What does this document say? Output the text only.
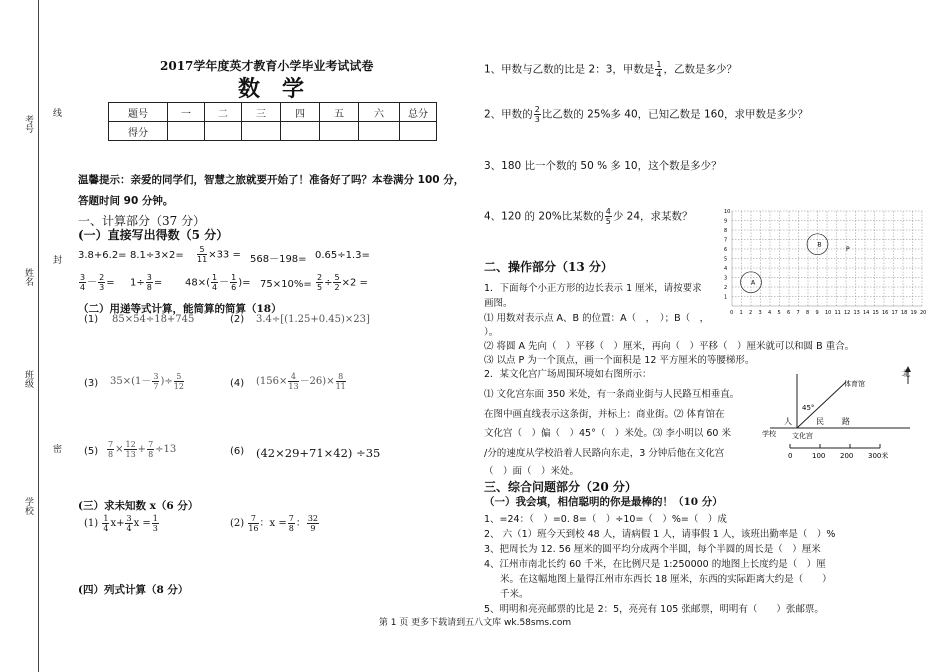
考号
线
姓名
封
班级
密
学校
2017学年度英才教育小学毕业考试试卷
数　学
题号	一	二	三	四	五	六	总分
得分							
温馨提示：亲爱的同学们，智慧之旅就要开始了！准备好了吗？本卷满分 100 分，
答题时间 90 分钟。
一、计算部分（37 分）
(一）直接写出得数（5 分）
$3.8+6.2= 8.1\div 3\times 2= \frac{5}{11} \times 33 = 568-198= 0.65\div 1.3=$
$\frac{3}{4} - \frac{2}{3} = 1\div \frac{3}{8} = 48\times( \frac{1}{4} - \frac{1}{6}$ )= $75\times 10\%= \frac{2}{5} \div \frac{5}{2} \times 2$ =
（二）用递等式计算，能简算的简算（18）
(1) 85×54÷18+745	(2) 3.4÷[(1.25+0.45)×23]
(3) $35\times(1- \frac{3}{7}$ )÷ $\frac{5}{12}$	(4) $(156\times \frac{4}{13} -26)\times \frac{8}{11}$
$(5) \frac{7}{8} \times \frac{12}{13} + \frac{7}{8} \div 13$	(6) (42×29+71×42) ÷35
(三）求未知数 x（6 分）
$(1) \frac{1}{4} x+ \frac{3}{4}$ $x = \frac{1}{3}$	$(2) \frac{7}{16}$ ：$x = \frac{7}{8}$ ： $\frac{32}{9}$
(四）列式计算（8 分）
1、甲数与乙数的比是 2：3，甲数是 $\frac{1}{4}$ ，乙数是多少？
2、甲数的 $\frac{2}{3}$ 比乙数的 25%多 40，已知乙数是 160，求甲数是多少？
3、180 比一个数的 50 % 多 10，这个数是多少？
4、120 的 20%比某数的 $\frac{4}{5}$ 少 24，求某数？
0 1 2 3 4 5 6 7 8 9 10 11 12 13 14 15 16 17 18 19 20
1
2
3
4
5
6
7
8
9
10
A
B
P
二、操作部分（13 分）
1．下面每个小正方形的边长表示 1 厘米，请按要求
画图。
⑴ 用数对表示点 A、B 的位置：A（　，　）；B（　，
）。
⑵ 将圆 A 先向（　）平移（　）厘米，再向（　）平移（　）厘米就可以和圆 B 重合。
⑶ 以点 P 为一个顶点，画一个面积是 12 平方厘米的等腰梯形。
2．某文化宫广场周围环境如右图所示：
⑴ 文化宫东面 350 米处，有一条商业街与人民路互相垂直。
在图中画直线表示这条街，并标上：商业街。⑵ 体育馆在
文化宫（　）偏（　）45°（　）米处。⑶ 李小明以 60 米
/分的速度从学校沿着人民路向东走，3 分钟后他在文化宫
（　）面（　）米处。
北
体育馆
45°
人	民 路
学校 文化宫
0	100 200 300米
三、综合问题部分（20 分）
（一）我会填，相信聪明的你是最棒的！（10 分）
1、=24：（　）=0. 8=（　）÷10=（　）%=（　）成
2、 六（1）班今天到校 48 人，请病假 1 人，请事假 1 人，该班出勤率是（　）%
3、把周长为 12. 56 厘米的圆平均分成两个半圆，每个半圆的周长是（　）厘米
4、江州市南北长约 60 千米，在比例尺是 1:250000 的地图上长度约是（　）厘
米。在这幅地图上量得江州市东西长 18 厘米，东西的实际距离大约是（　　）
千米。
5、明明和亮亮邮票的比是 2：5，亮亮有 105 张邮票，明明有（　　）张邮票。
第 1 页 更多下载请到五八文库 wk.58sms.com
